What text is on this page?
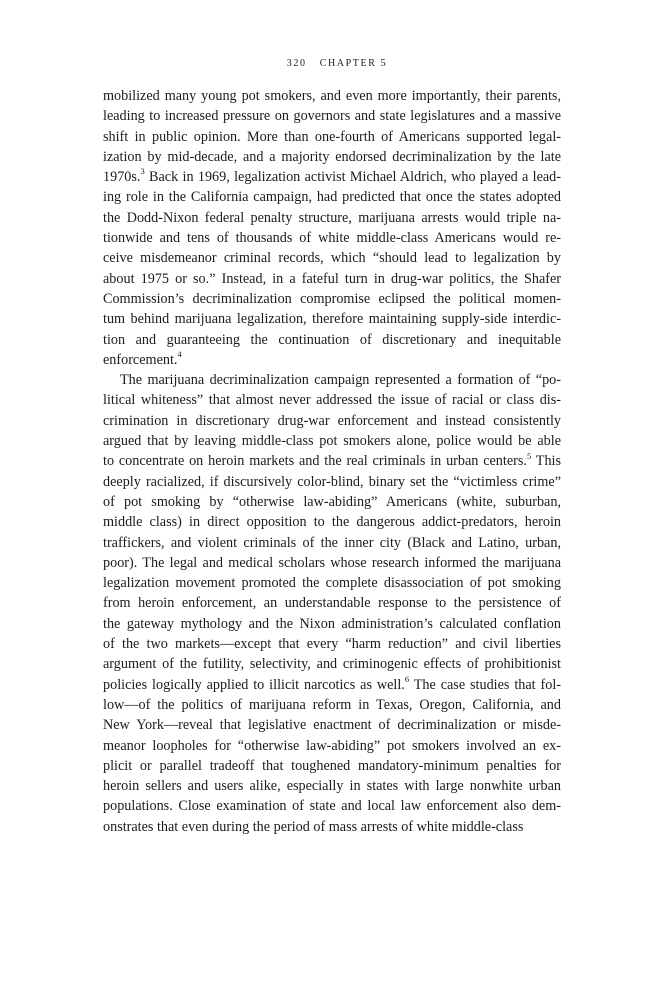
320 CHAPTER 5
mobilized many young pot smokers, and even more importantly, their parents,
leading to increased pressure on governors and state legislatures and a massive
shift in public opinion. More than one-fourth of Americans supported legal-
ization by mid-decade, and a majority endorsed decriminalization by the late
1970s.$^3$ Back in 1969, legalization activist Michael Aldrich, who played a lead-
ing role in the California campaign, had predicted that once the states adopted
the Dodd-Nixon federal penalty structure, marijuana arrests would triple na-
tionwide and tens of thousands of white middle-class Americans would re-
ceive misdemeanor criminal records, which “should lead to legalization by
about 1975 or so.” Instead, in a fateful turn in drug-war politics, the Shafer
Commission’s decriminalization compromise eclipsed the political momen-
tum behind marijuana legalization, therefore maintaining supply-side interdic-
tion and guaranteeing the continuation of discretionary and inequitable
enforcement.$^4$
The marijuana decriminalization campaign represented a formation of “po-
litical whiteness” that almost never addressed the issue of racial or class dis-
crimination in discretionary drug-war enforcement and instead consistently
argued that by leaving middle-class pot smokers alone, police would be able
to concentrate on heroin markets and the real criminals in urban centers.$^5$ This
deeply racialized, if discursively color-blind, binary set the “victimless crime”
of pot smoking by “otherwise law-abiding” Americans (white, suburban,
middle class) in direct opposition to the dangerous addict-predators, heroin
traffickers, and violent criminals of the inner city (Black and Latino, urban,
poor). The legal and medical scholars whose research informed the marijuana
legalization movement promoted the complete disassociation of pot smoking
from heroin enforcement, an understandable response to the persistence of
the gateway mythology and the Nixon administration’s calculated conflation
of the two markets—except that every “harm reduction” and civil liberties
argument of the futility, selectivity, and criminogenic effects of prohibitionist
policies logically applied to illicit narcotics as well.$^6$ The case studies that fol-
low—of the politics of marijuana reform in Texas, Oregon, California, and
New York—reveal that legislative enactment of decriminalization or misde-
meanor loopholes for “otherwise law-abiding” pot smokers involved an ex-
plicit or parallel tradeoff that toughened mandatory-minimum penalties for
heroin sellers and users alike, especially in states with large nonwhite urban
populations. Close examination of state and local law enforcement also dem-
onstrates that even during the period of mass arrests of white middle-class
